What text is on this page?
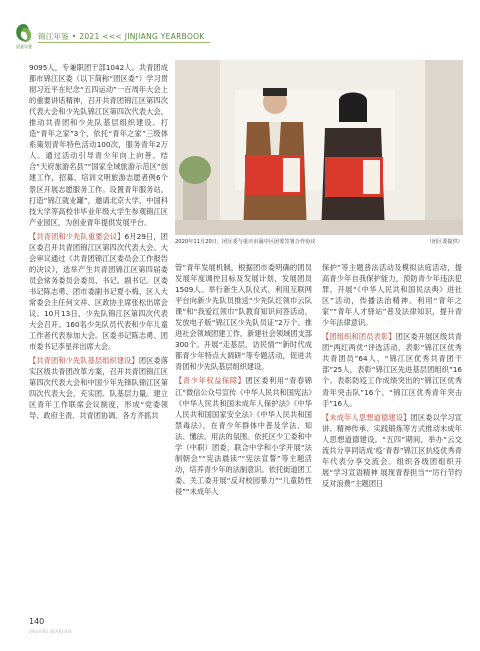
团委年鉴
锦江年鉴 • 2021 <<< JINJIANG YEARBOOK

9095人，专兼职团干部1042人。共青团成都市锦江区委（以下简称“团区委”）学习贯彻习近平在纪念“五四运动”一百周年大会上的重要讲话精神，召开共青团锦江区第四次代表大会和少先队锦江区第四次代表大会，推动共青团和少先队基层组织建设。打造“青年之家”3个，依托“青年之家”三级体系策划青年特色活动100次，服务青年2万人。通过活动引导青少年向上向善。结合“天府旅游名县”“国家全域旅游示范区”创建工作，招募、培训文明旅游志愿者例6个景区开展志愿服务工作。设置青年服务站，打造“锦江就业罐”，邀请北京大学、中国科技大学等高校非毕业年级大学生参观锦江区产业园区，为创业青年提供发展平台。

【共青团和少先队重要会议】6月29日，团区委召开共青团锦江区第四次代表大会。大会审议通过《共青团锦江区委员会工作报告的决议》，选举产生共青团锦江区第四届委员会常务委员会委员、书记、副书记。区委书记陈志勇、团市委副书记夏小梅、区人大常委会主任何文祥、区政协主席张松出席会议。10月13日，少先队锦江区第四次代表大会召开。160名少先队员代表和少年儿童工作者代表参加大会。区委书记陈志勇、团市委书记李星祥出席大会。

【共青团和少先队基层组织建设】团区委落实区级共青团改革方案，召开共青团锦江区第四次代表大会和中国少年先锋队锦江区第四次代表大会，充实团、队基层力量。建立区青年工作联席会议制度，形成“党委领导、政府主责、共青团协调、各方齐抓共

2020年11月20日，团区委与重庆市渝中区团委签署合作协议	（团区委提供）

管”青年发展机制。根据团市委明确的团员发展年度调控目标及发展计划，发展团员1509人。举行新生入队仪式，利用互联网平台向新少先队员推送“少先队红领巾云队课”和“我爱红领巾”队教育知识问答活动，发放电子版“锦江区少先队员证”2万个。推进社会领域团建工作，新建社会领域团支部300个。开展“走基层、访民情”“新时代成都青少年特点大调研”等专题活动，促进共青团和少先队基层组织建设。

【青少年权益保障】团区委利用“青春锦江”微信公众号宣传《中华人民共和国宪法》《中华人民共和国未成年人保护法》《中华人民共和国国家安全法》《中华人民共和国禁毒法》，在青少年群体中普及学法、知法、懂法、用法的氛围。依托区少工委和中学（中职）团委，联合中学和小学开展“法制朝会”“宪法晨读”“宪法宣誓”等主题活动，培养青少年的法制意识。依托街道团工委、关工委开展“反对校园暴力”“儿童防性侵”“未成年人

保护”等主题普法活动及模拟法庭活动，提高青少年自我保护能力，预防青少年违法犯罪。开展“《中华人民共和国民法典》进社区”活动，传播法治精神。利用“青年之家”“青年人才驿站”普及法律知识，提升青少年法律意识。

【团组织和团员表彰】团区委开展区级共青团“两红两优”评选活动，表彰“锦江区优秀共青团员”64人、“锦江区优秀共青团干部”25人，表彰“锦江区先进基层团组织”16个。表彰防疫工作成绩突出的“锦江区优秀青年突击队”16个、“锦江区优秀青年突击手”16人。

【未成年人思想道德建设】团区委以学习宣讲、精神传承、实践锻炼等方式推动未成年人思想道德建设。“五四”期间，举办“云交流共分享同话成‘疫’青春”锦江区抗疫优秀青年代表分享交流会。组织各级团组织开展“学习宣语精神 展现青春担当”“厉行节约 反对浪费”主题团日

140
JINJIANG NIANJIAN
